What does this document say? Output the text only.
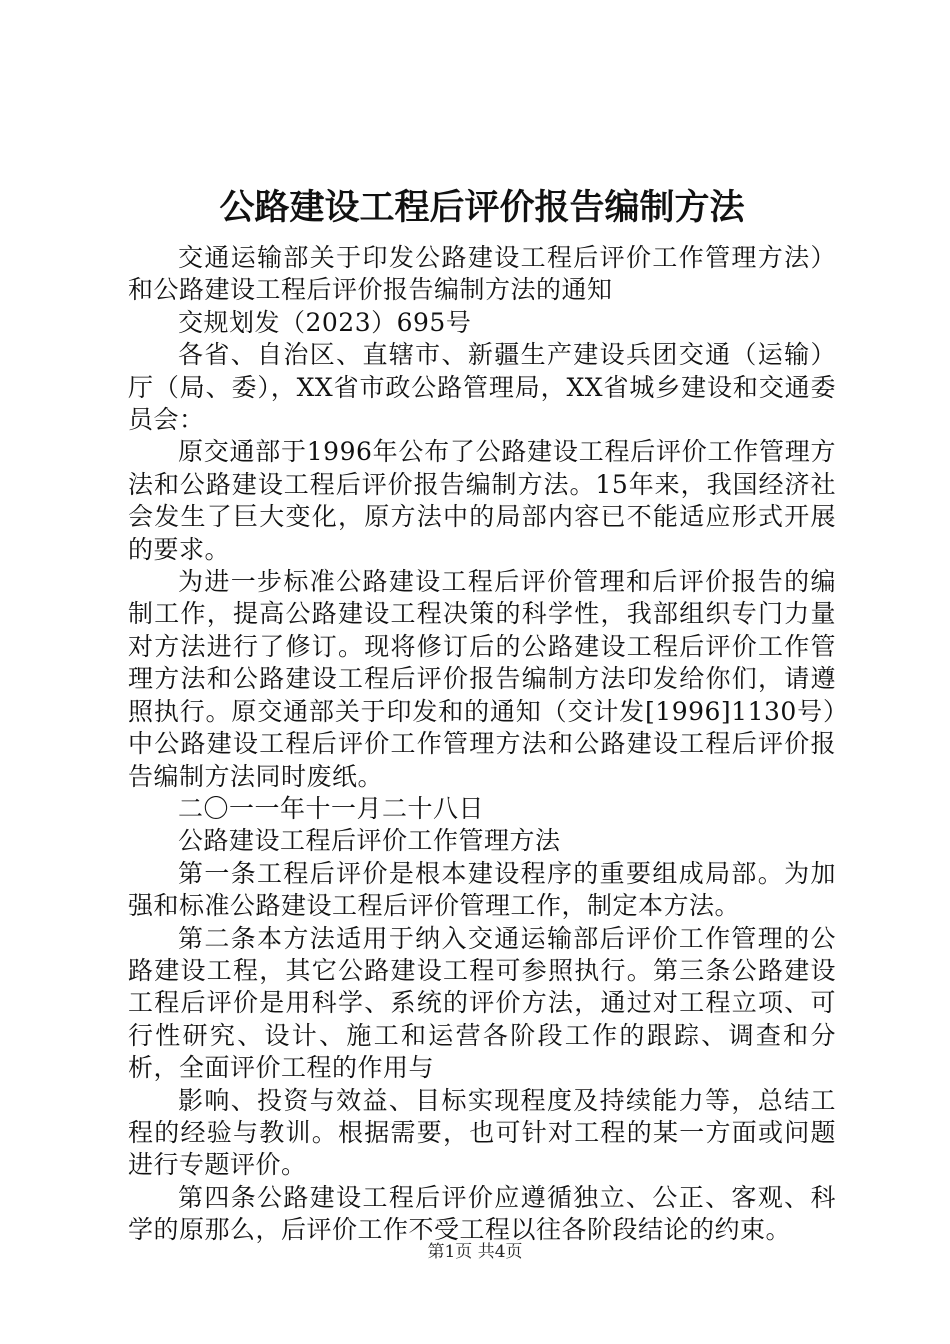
公路建设工程后评价报告编制方法

交通运输部关于印发公路建设工程后评价工作管理方法）和公路建设工程后评价报告编制方法的通知

交规划发（2023）695号

各省、自治区、直辖市、新疆生产建设兵团交通（运输）厅（局、委），XX省市政公路管理局，XX省城乡建设和交通委员会：

原交通部于1996年公布了公路建设工程后评价工作管理方法和公路建设工程后评价报告编制方法。15年来，我国经济社会发生了巨大变化，原方法中的局部内容已不能适应形式开展的要求。

为进一步标准公路建设工程后评价管理和后评价报告的编制工作，提高公路建设工程决策的科学性，我部组织专门力量对方法进行了修订。现将修订后的公路建设工程后评价工作管理方法和公路建设工程后评价报告编制方法印发给你们，请遵照执行。原交通部关于印发和的通知（交计发[1996]1130号）中公路建设工程后评价工作管理方法和公路建设工程后评价报告编制方法同时废纸。

二〇一一年十一月二十八日

公路建设工程后评价工作管理方法

第一条工程后评价是根本建设程序的重要组成局部。为加强和标准公路建设工程后评价管理工作，制定本方法。

第二条本方法适用于纳入交通运输部后评价工作管理的公路建设工程，其它公路建设工程可参照执行。第三条公路建设工程后评价是用科学、系统的评价方法，通过对工程立项、可行性研究、设计、施工和运营各阶段工作的跟踪、调查和分析，全面评价工程的作用与

影响、投资与效益、目标实现程度及持续能力等，总结工程的经验与教训。根据需要，也可针对工程的某一方面或问题进行专题评价。

第四条公路建设工程后评价应遵循独立、公正、客观、科学的原那么，后评价工作不受工程以往各阶段结论的约束。

第1页 共4页
